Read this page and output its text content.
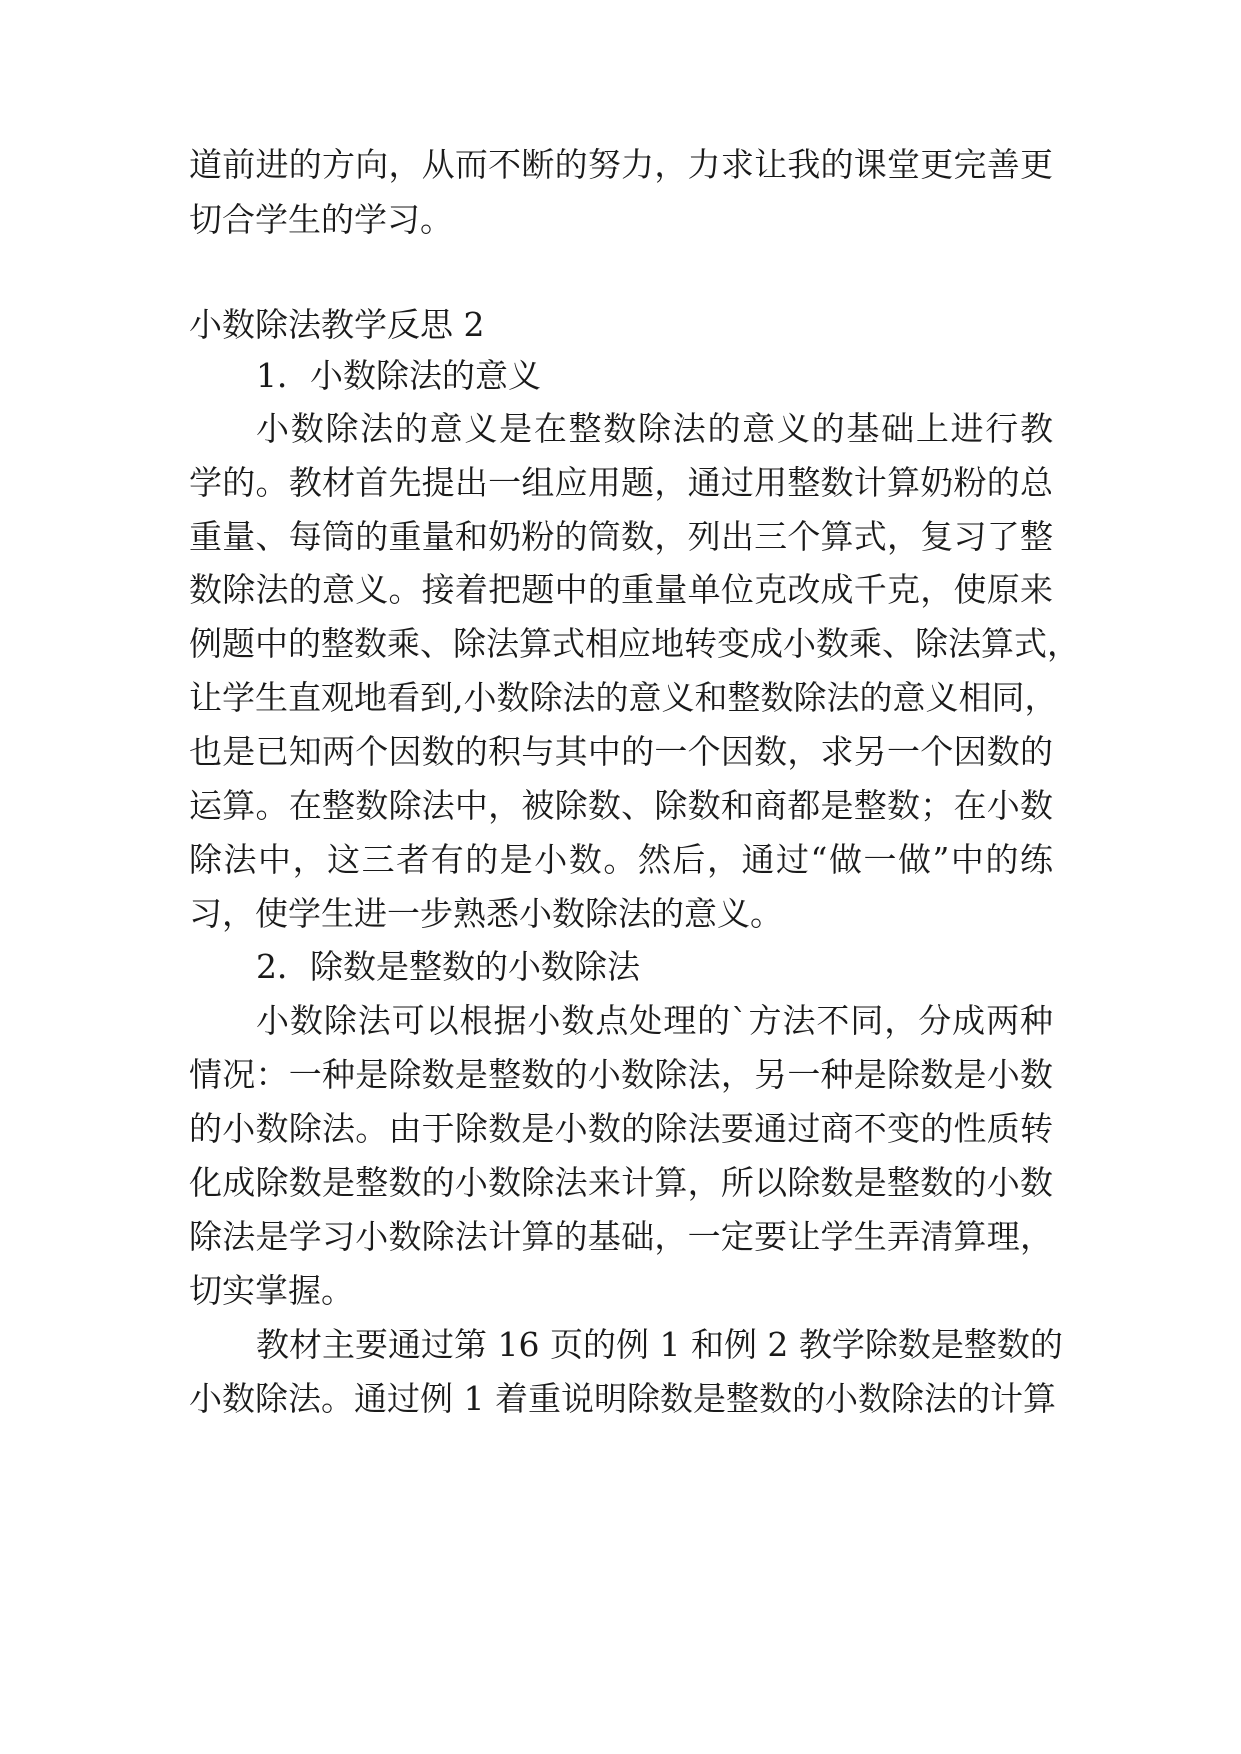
道前进的方向，从而不断的努力，力求让我的课堂更完善更
切合学生的学习。
小数除法教学反思 2
1．小数除法的意义
小数除法的意义是在整数除法的意义的基础上进行教
学的。教材首先提出一组应用题，通过用整数计算奶粉的总
重量、每筒的重量和奶粉的筒数，列出三个算式，复习了整
数除法的意义。接着把题中的重量单位克改成千克，使原来
例题中的整数乘、除法算式相应地转变成小数乘、除法算式，
让学生直观地看到,小数除法的意义和整数除法的意义相同，
也是已知两个因数的积与其中的一个因数，求另一个因数的
运算。在整数除法中，被除数、除数和商都是整数；在小数
除法中，这三者有的是小数。然后，通过“做一做”中的练
习，使学生进一步熟悉小数除法的意义。
2．除数是整数的小数除法
小数除法可以根据小数点处理的`方法不同，分成两种
情况：一种是除数是整数的小数除法，另一种是除数是小数
的小数除法。由于除数是小数的除法要通过商不变的性质转
化成除数是整数的小数除法来计算，所以除数是整数的小数
除法是学习小数除法计算的基础，一定要让学生弄清算理，
切实掌握。
教材主要通过第 16 页的例 1 和例 2 教学除数是整数的
小数除法。通过例 1 着重说明除数是整数的小数除法的计算
